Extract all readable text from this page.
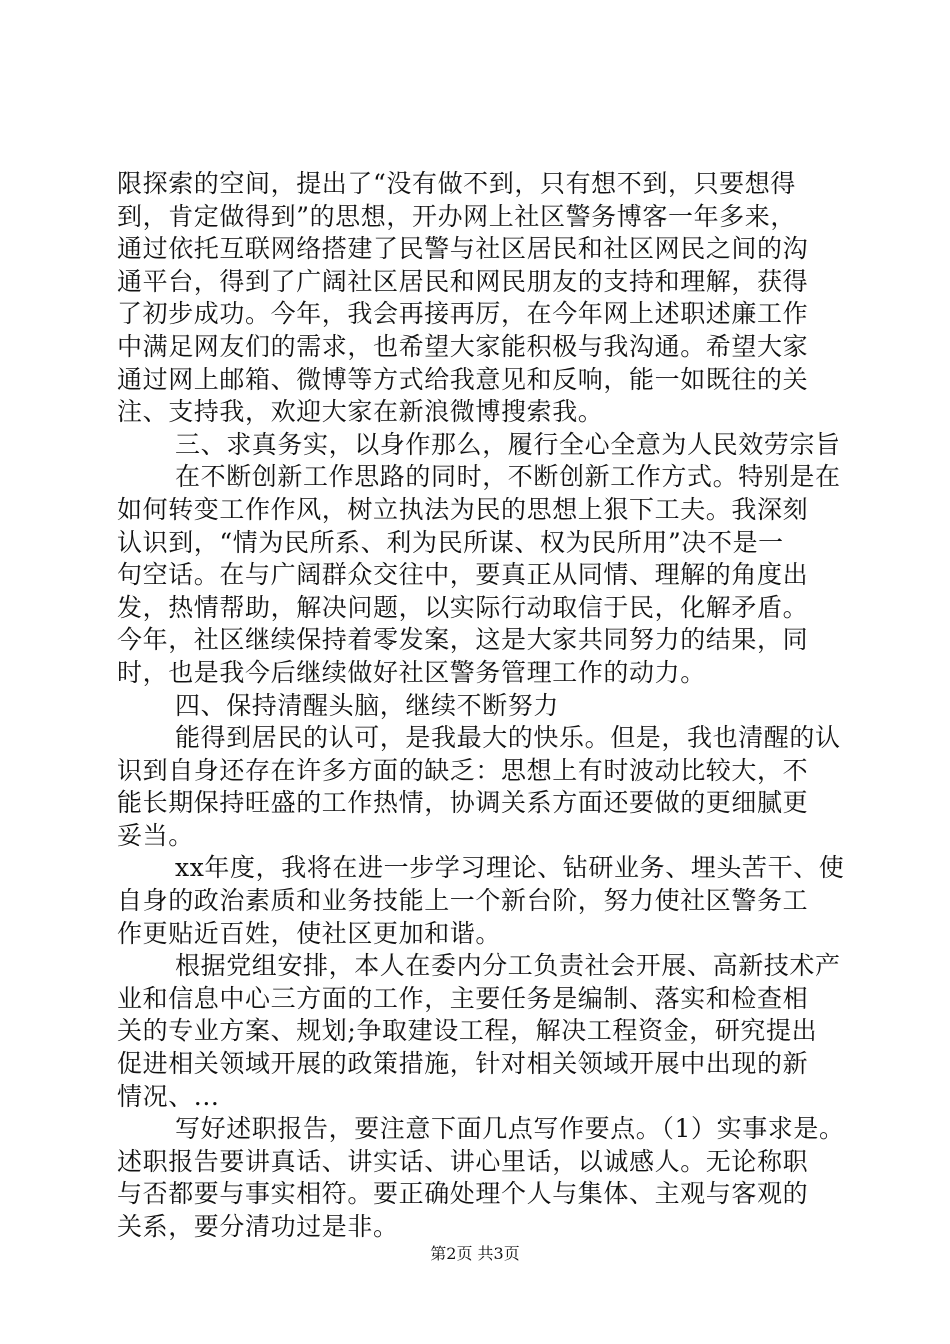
限探索的空间，提出了“没有做不到，只有想不到，只要想得
到，肯定做得到”的思想，开办网上社区警务博客一年多来，
通过依托互联网络搭建了民警与社区居民和社区网民之间的沟
通平台，得到了广阔社区居民和网民朋友的支持和理解，获得
了初步成功。今年，我会再接再厉，在今年网上述职述廉工作
中满足网友们的需求，也希望大家能积极与我沟通。希望大家
通过网上邮箱、微博等方式给我意见和反响，能一如既往的关
注、支持我，欢迎大家在新浪微博搜索我。
三、求真务实，以身作那么，履行全心全意为人民效劳宗旨
在不断创新工作思路的同时，不断创新工作方式。特别是在
如何转变工作作风，树立执法为民的思想上狠下工夫。我深刻
认识到，“情为民所系、利为民所谋、权为民所用”决不是一
句空话。在与广阔群众交往中，要真正从同情、理解的角度出
发，热情帮助，解决问题，以实际行动取信于民，化解矛盾。
今年，社区继续保持着零发案，这是大家共同努力的结果，同
时，也是我今后继续做好社区警务管理工作的动力。
四、保持清醒头脑，继续不断努力
能得到居民的认可，是我最大的快乐。但是，我也清醒的认
识到自身还存在许多方面的缺乏：思想上有时波动比较大，不
能长期保持旺盛的工作热情，协调关系方面还要做的更细腻更
妥当。
xx年度，我将在进一步学习理论、钻研业务、埋头苦干、使
自身的政治素质和业务技能上一个新台阶，努力使社区警务工
作更贴近百姓，使社区更加和谐。
根据党组安排，本人在委内分工负责社会开展、高新技术产
业和信息中心三方面的工作，主要任务是编制、落实和检查相
关的专业方案、规划;争取建设工程，解决工程资金，研究提出
促进相关领域开展的政策措施，针对相关领域开展中出现的新
情况、...
写好述职报告，要注意下面几点写作要点。（1）实事求是。
述职报告要讲真话、讲实话、讲心里话，以诚感人。无论称职
与否都要与事实相符。要正确处理个人与集体、主观与客观的
关系，要分清功过是非。
第2页 共3页
